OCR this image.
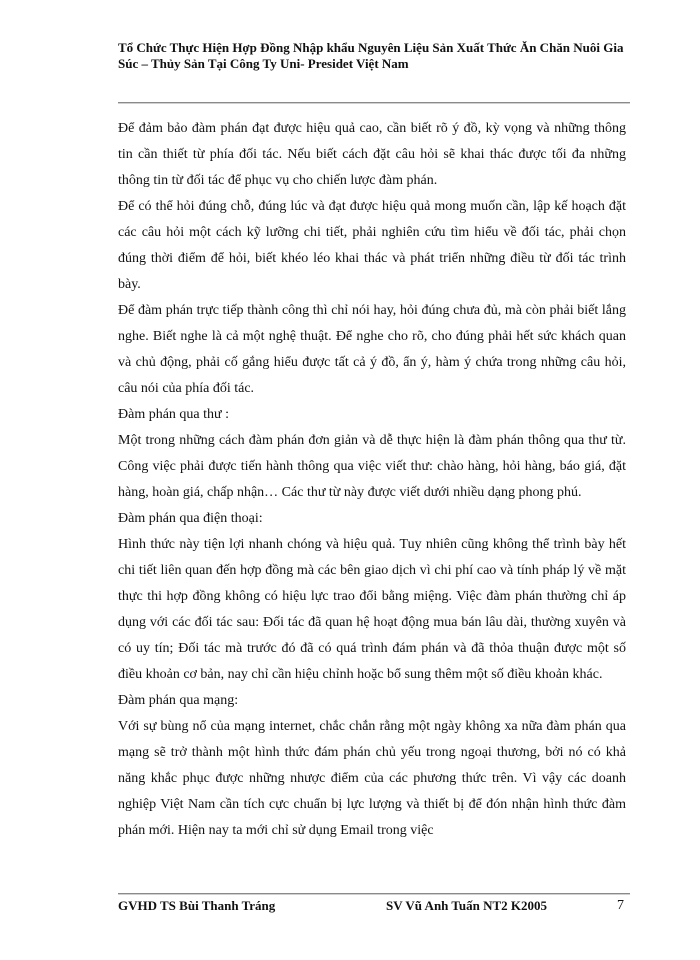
Tổ Chức Thực Hiện Hợp Đồng Nhập khẩu Nguyên Liệu Sản Xuất Thức Ăn Chăn Nuôi Gia Súc – Thủy Sản Tại Công Ty Uni- Presidet Việt Nam

Để đảm bảo đàm phán đạt được hiệu quả cao, cần biết rõ ý đồ, kỳ vọng và những thông tin cần thiết từ phía đối tác. Nếu biết cách đặt câu hỏi sẽ khai thác được tối đa những thông tin từ đối tác để phục vụ cho chiến lược đàm phán.

Để có thể hỏi đúng chỗ, đúng lúc và đạt được hiệu quả mong muốn cần, lập kế hoạch đặt các câu hỏi một cách kỹ lưỡng chi tiết, phải nghiên cứu tìm hiểu về đối tác, phải chọn đúng thời điểm để hỏi, biết khéo léo khai thác và phát triển những điều từ đối tác trình bày.

Để đàm phán trực tiếp thành công thì chỉ nói hay, hỏi đúng chưa đủ, mà còn phải biết lắng nghe. Biết nghe là cả một nghệ thuật. Để nghe cho rõ, cho đúng phải hết sức khách quan và chủ động, phải cố gắng hiểu được tất cả ý đồ, ẩn ý, hàm ý chứa trong những câu hỏi, câu nói của phía đối tác.

Đàm phán qua thư :

Một trong những cách đàm phán đơn giản và dễ thực hiện là đàm phán thông qua thư từ. Công việc phải được tiến hành thông qua việc viết thư: chào hàng, hỏi hàng, báo giá, đặt hàng, hoàn giá, chấp nhận… Các thư từ này được viết dưới nhiều dạng phong phú.

Đàm phán qua điện thoại:

Hình thức này tiện lợi nhanh chóng và hiệu quả. Tuy nhiên cũng không thể trình bày hết chi tiết liên quan đến hợp đồng mà các bên giao dịch vì chi phí cao và tính pháp lý về mặt thực thi hợp đồng không có hiệu lực trao đổi bằng miệng. Việc đàm phán thường chỉ áp dụng với các đối tác sau: Đối tác đã quan hệ hoạt động mua bán lâu dài, thường xuyên và có uy tín; Đối tác mà trước đó đã có quá trình đám phán và đã thỏa thuận được một số điều khoản cơ bản, nay chỉ cần hiệu chỉnh hoặc bổ sung thêm một số điều khoản khác.

Đàm phán qua mạng:

Với sự bùng nổ của mạng internet, chắc chắn rằng một ngày không xa nữa đàm phán qua mạng sẽ trở thành một hình thức đám phán chủ yếu trong ngoại thương, bởi nó có khả năng khắc phục được những nhược điểm của các phương thức trên. Vì vậy các doanh nghiệp Việt Nam cần tích cực chuẩn bị lực lượng và thiết bị để đón nhận hình thức đàm phán mới. Hiện nay ta mới chỉ sử dụng Email trong việc

GVHD TS Bùi Thanh Tráng	SV Vũ Anh Tuấn NT2 K2005	7
